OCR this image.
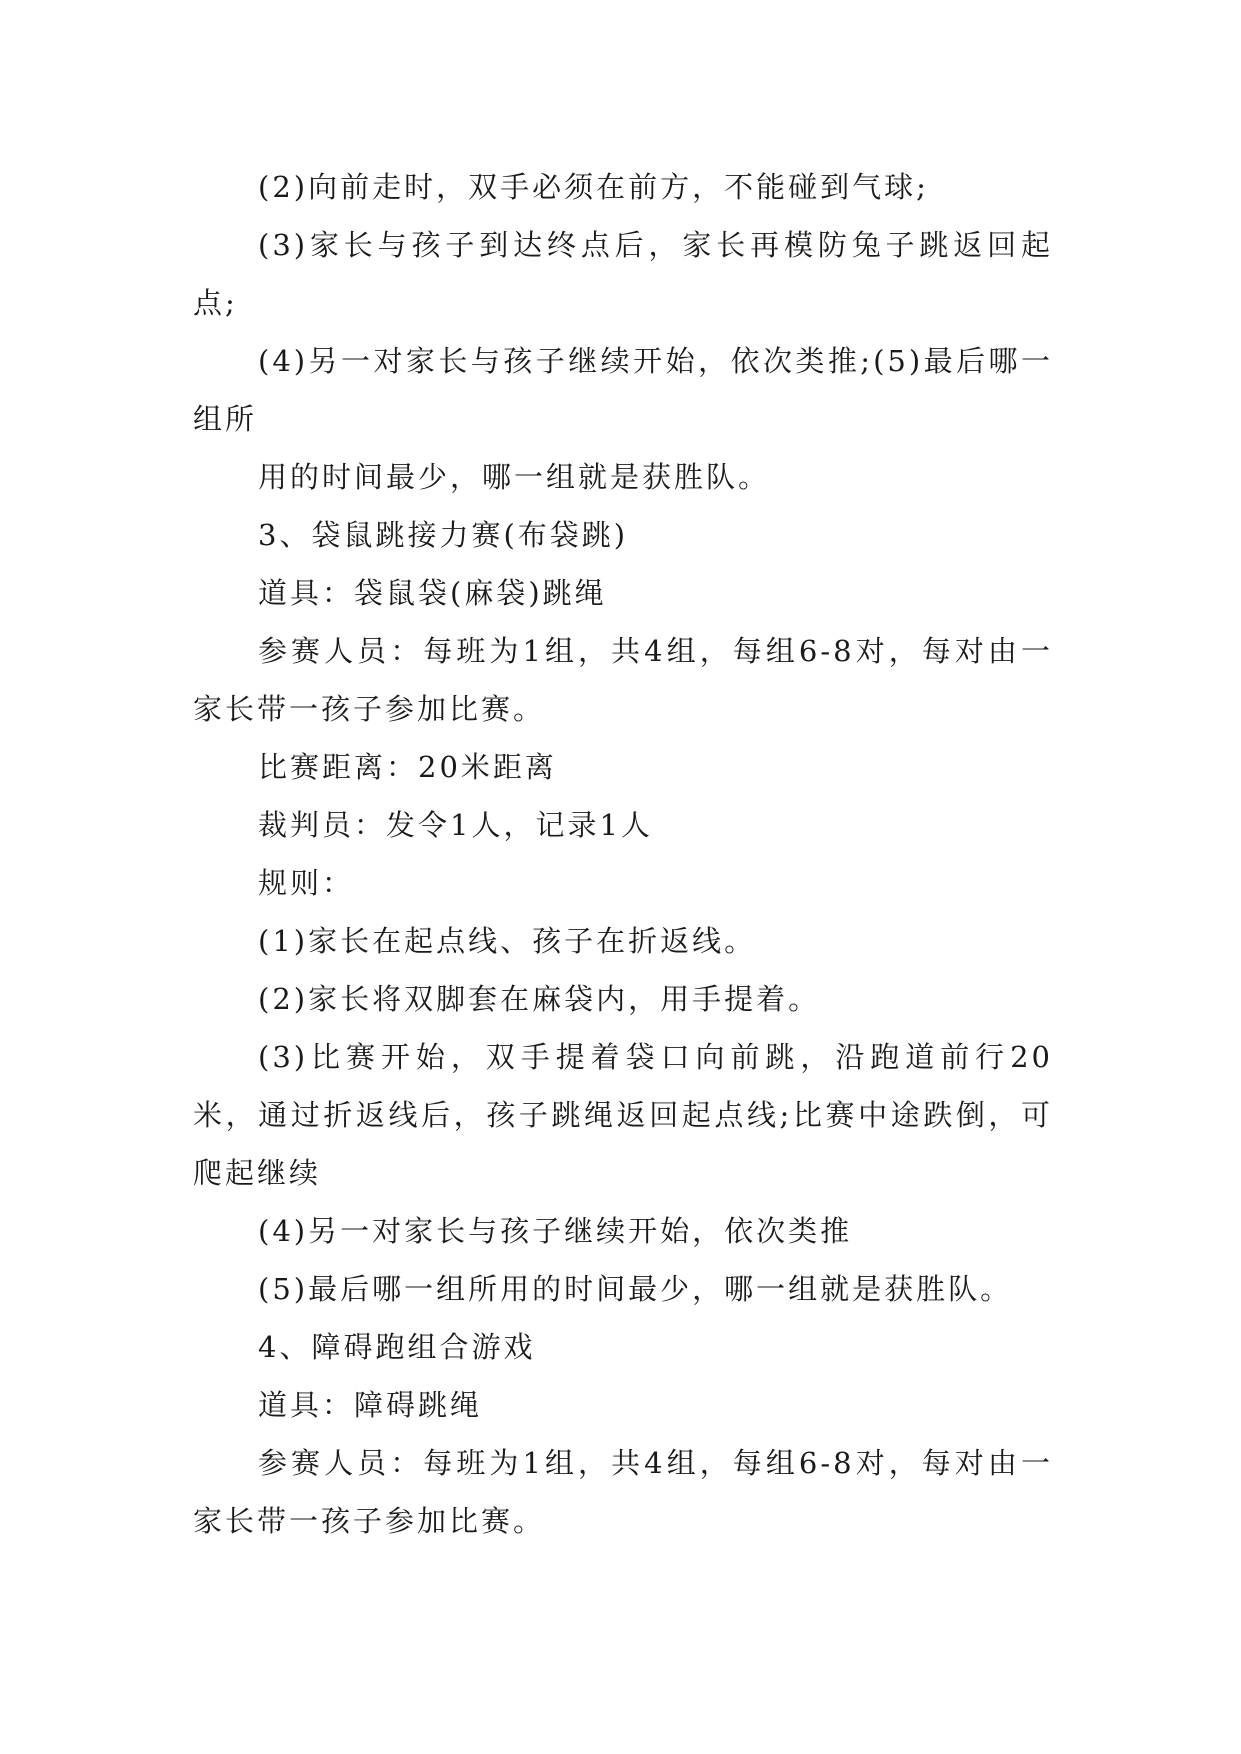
(2)向前走时，双手必须在前方，不能碰到气球;

(3)家长与孩子到达终点后，家长再模防兔子跳返回起点;

(4)另一对家长与孩子继续开始，依次类推;(5)最后哪一组所

用的时间最少，哪一组就是获胜队。

3、袋鼠跳接力赛(布袋跳)

道具：袋鼠袋(麻袋)跳绳

参赛人员：每班为1组，共4组，每组6-8对，每对由一家长带一孩子参加比赛。

比赛距离：20米距离

裁判员：发令1人，记录1人

规则：

(1)家长在起点线、孩子在折返线。

(2)家长将双脚套在麻袋内，用手提着。

(3)比赛开始，双手提着袋口向前跳，沿跑道前行20米，通过折返线后，孩子跳绳返回起点线;比赛中途跌倒，可爬起继续

(4)另一对家长与孩子继续开始，依次类推

(5)最后哪一组所用的时间最少，哪一组就是获胜队。

4、障碍跑组合游戏

道具：障碍跳绳

参赛人员：每班为1组，共4组，每组6-8对，每对由一家长带一孩子参加比赛。
